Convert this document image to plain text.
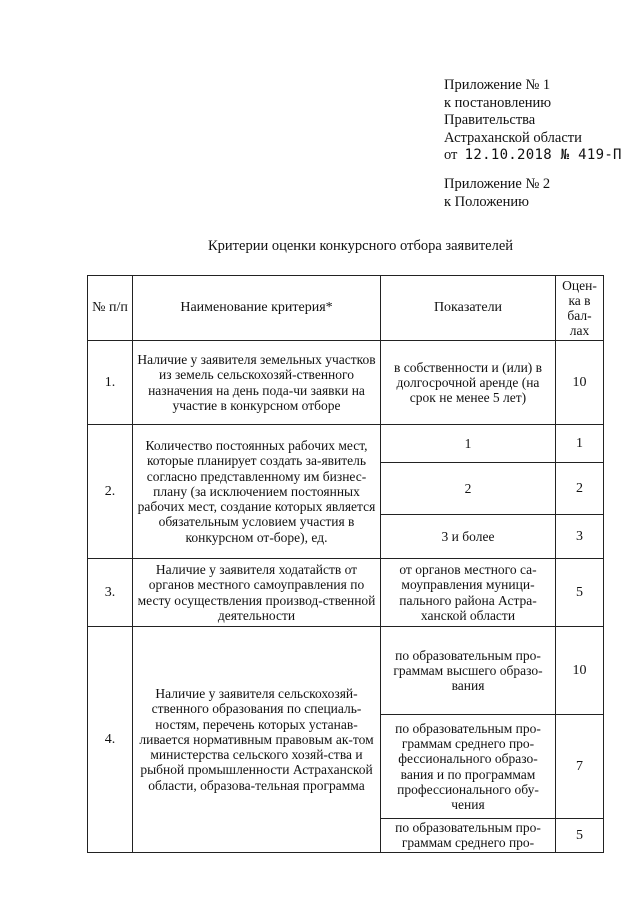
Приложение № 1
к постановлению
Правительства
Астраханской области
от 12.10.2018 № 419-П
Приложение № 2
к Положению
Критерии оценки конкурсного отбора заявителей
№ п/п	Наименование критерия*	Показатели	Оцен-ка в бал-лах
1.	Наличие у заявителя земельных участков из земель сельскохозяй-ственного назначения на день пода-чи заявки на участие в конкурсном отборе	в собственности и (или) в долгосрочной аренде (на срок не менее 5 лет)	10
2.	Количество постоянных рабочих мест, которые планирует создать за-явитель согласно представленному им бизнес-плану (за исключением постоянных рабочих мест, создание которых является обязательным условием участия в конкурсном от-боре), ед.	1	1
		2	2
		3 и более	3
3.	Наличие у заявителя ходатайств от органов местного самоуправления по месту осуществления производ-ственной деятельности	от органов местного са-моуправления муници-пального района Астра-ханской области	5
4.	Наличие у заявителя сельскохозяй-ственного образования по специаль-ностям, перечень которых устанав-ливается нормативным правовым ак-том министерства сельского хозяй-ства и рыбной промышленности Астраханской области, образова-тельная программа	по образовательным про-граммам высшего образо-вания	10
		по образовательным про-граммам среднего про-фессионального образо-вания и по программам профессионального обу-чения	7
		по образовательным про-граммам среднего про-	5
